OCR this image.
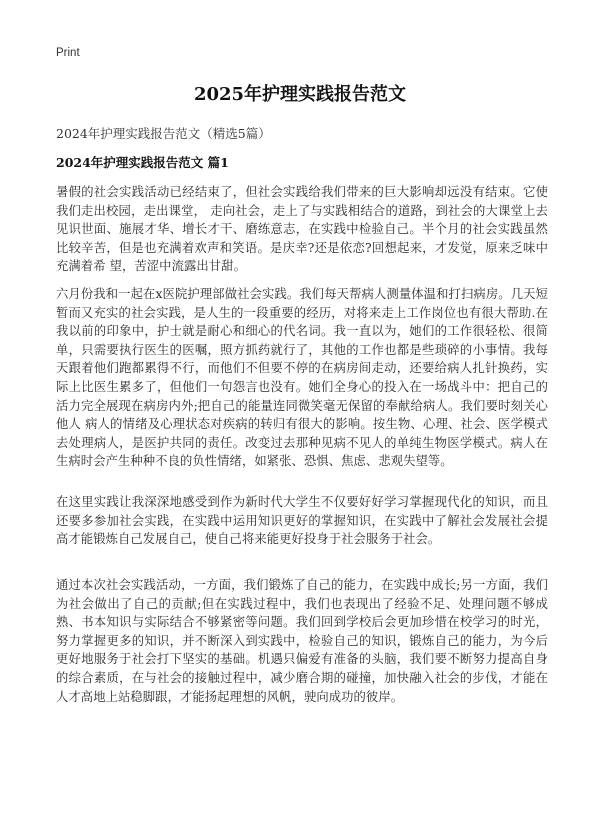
Print
2025年护理实践报告范文

2024年护理实践报告范文（精选5篇）

2024年护理实践报告范文 篇1

暑假的社会实践活动已经结束了，但社会实践给我们带来的巨大影响却远没有结束。它使我们走出校园，走出课堂， 走向社会，走上了与实践相结合的道路，到社会的大课堂上去见识世面、施展才华、增长才干、磨练意志，在实践中检验自己。半个月的社会实践虽然比较辛苦，但是也充满着欢声和笑语。是庆幸?还是依恋?回想起来，才发觉，原来乏味中充满着希 望，苦涩中流露出甘甜。

六月份我和一起在x医院护理部做社会实践。我们每天帮病人测量体温和打扫病房。几天短暂而又充实的社会实践，是人生的一段重要的经历，对将来走上工作岗位也有很大帮助.在我以前的印象中，护士就是耐心和细心的代名词。我一直以为，她们的工作很轻松、很简单，只需要执行医生的医嘱，照方抓药就行了，其他的工作也都是些琐碎的小事情。我每天跟着他们跑都累得不行，而他们不但要不停的在病房间走动，还要给病人扎针换药，实际上比医生累多了，但他们一句怨言也没有。她们全身心的投入在一场战斗中：把自己的活力完全展现在病房内外;把自己的能量连同微笑毫无保留的奉献给病人。我们要时刻关心他人 病人的情绪及心理状态对疾病的转归有很大的影响。按生物、心理、社会、医学模式去处理病人，是医护共同的责任。改变过去那种见病不见人的单纯生物医学模式。病人在生病时会产生种种不良的负性情绪，如紧张、恐惧、焦虑、悲观失望等。

在这里实践让我深深地感受到作为新时代大学生不仅要好好学习掌握现代化的知识，而且还要多参加社会实践，在实践中运用知识更好的掌握知识，在实践中了解社会发展社会提高才能锻炼自己发展自己，使自己将来能更好投身于社会服务于社会。

通过本次社会实践活动，一方面，我们锻炼了自己的能力，在实践中成长;另一方面，我们为社会做出了自己的贡献;但在实践过程中，我们也表现出了经验不足、处理问题不够成熟、书本知识与实际结合不够紧密等问题。我们回到学校后会更加珍惜在校学习的时光，努力掌握更多的知识，并不断深入到实践中，检验自己的知识，锻炼自己的能力，为今后更好地服务于社会打下坚实的基础。机遇只偏爱有准备的头脑，我们要不断努力提高自身的综合素质，在与社会的接触过程中，减少磨合期的碰撞，加快融入社会的步伐，才能在人才高地上站稳脚跟，才能扬起理想的风帆，驶向成功的彼岸。
